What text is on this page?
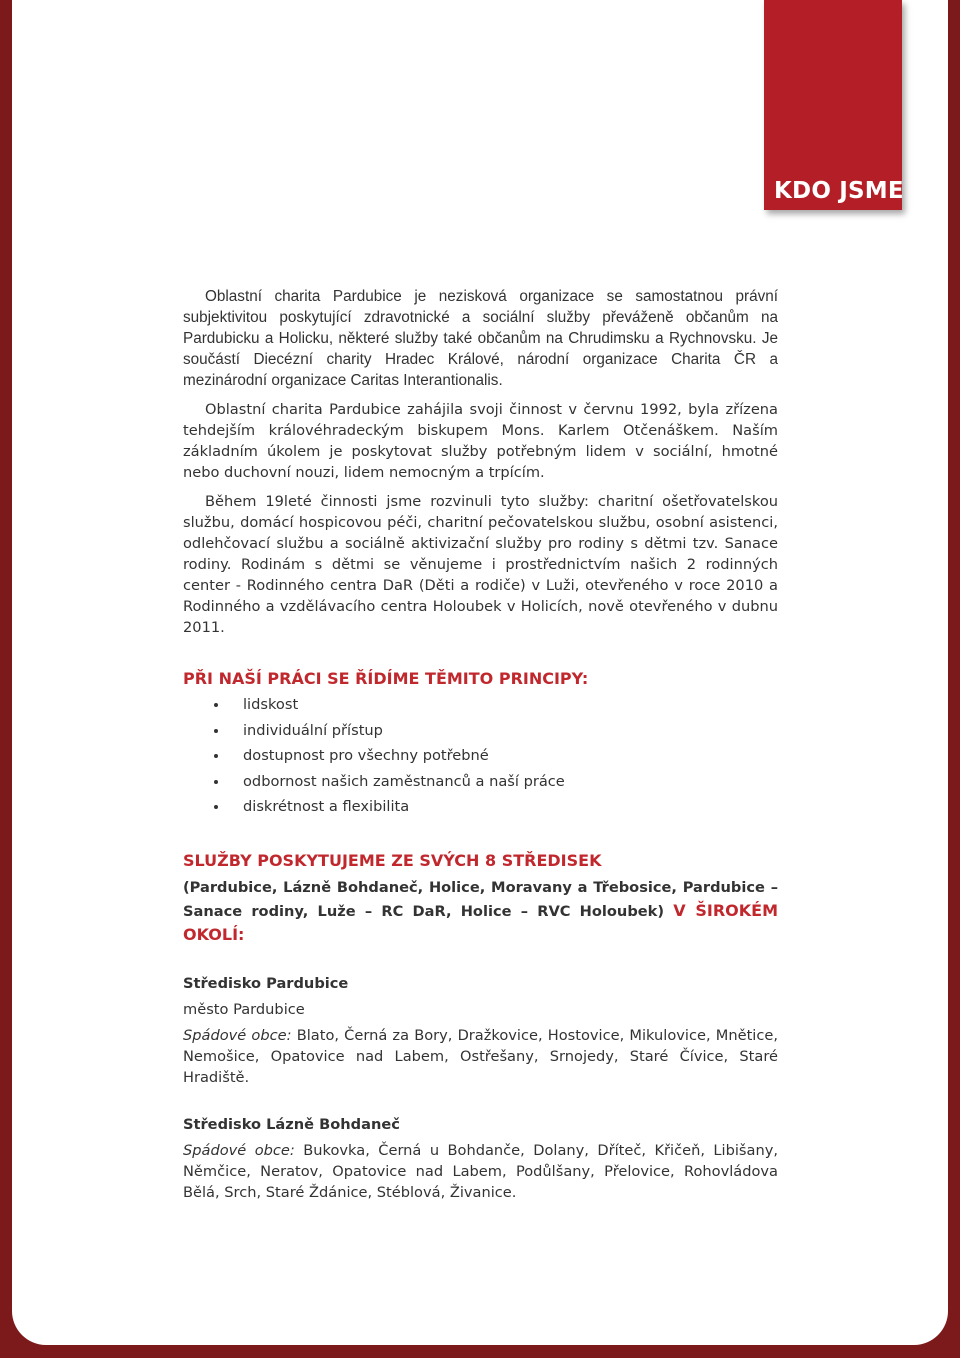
KDO JSME

Oblastní charita Pardubice je nezisková organizace se samostatnou právní subjektivitou poskytující zdravotnické a sociální služby převáženě občanům na Pardubicku a Holicku, některé služby také občanům na Chrudimsku a Rychnovsku. Je součástí Diecézní charity Hradec Králové, národní organizace Charita ČR a mezinárodní organizace Caritas Interantionalis.

Oblastní charita Pardubice zahájila svoji činnost v červnu 1992, byla zřízena tehdejším královéhradeckým biskupem Mons. Karlem Otčenáškem. Naším základním úkolem je poskytovat služby potřebným lidem v sociální, hmotné nebo duchovní nouzi, lidem nemocným a trpícím.

Během 19leté činnosti jsme rozvinuli tyto služby: charitní ošetřovatelskou službu, domácí hospicovou péči, charitní pečovatelskou službu, osobní asistenci, odlehčovací službu a sociálně aktivizační služby pro rodiny s dětmi tzv. Sanace rodiny. Rodinám s dětmi se věnujeme i prostřednictvím našich 2 rodinných center - Rodinného centra DaR (Děti a rodiče) v Luži, otevřeného v roce 2010 a Rodinného a vzdělávacího centra Holoubek v Holicích, nově otevřeného v dubnu 2011.

PŘI NAŠÍ PRÁCI SE ŘÍDÍME TĚMITO PRINCIPY:
lidskost
individuální přístup
dostupnost pro všechny potřebné
odbornost našich zaměstnanců a naší práce
diskrétnost a flexibilita
SLUŽBY POSKYTUJEME ZE SVÝCH 8 STŘEDISEK
(Pardubice, Lázně Bohdaneč, Holice, Moravany a Třebosice, Pardubice – Sanace rodiny, Luže – RC DaR, Holice – RVC Holoubek) V ŠIROKÉM OKOLÍ:
Středisko Pardubice
město Pardubice
Spádové obce: Blato, Černá za Bory, Dražkovice, Hostovice, Mikulovice, Mnětice, Nemošice, Opatovice nad Labem, Ostřešany, Srnojedy, Staré Čívice, Staré Hradiště.
Středisko Lázně Bohdaneč
Spádové obce: Bukovka, Černá u Bohdanče, Dolany, Dříteč, Křičeň, Libišany, Němčice, Neratov, Opatovice nad Labem, Podůlšany, Přelovice, Rohovládova Bělá, Srch, Staré Ždánice, Stéblová, Živanice.
5
